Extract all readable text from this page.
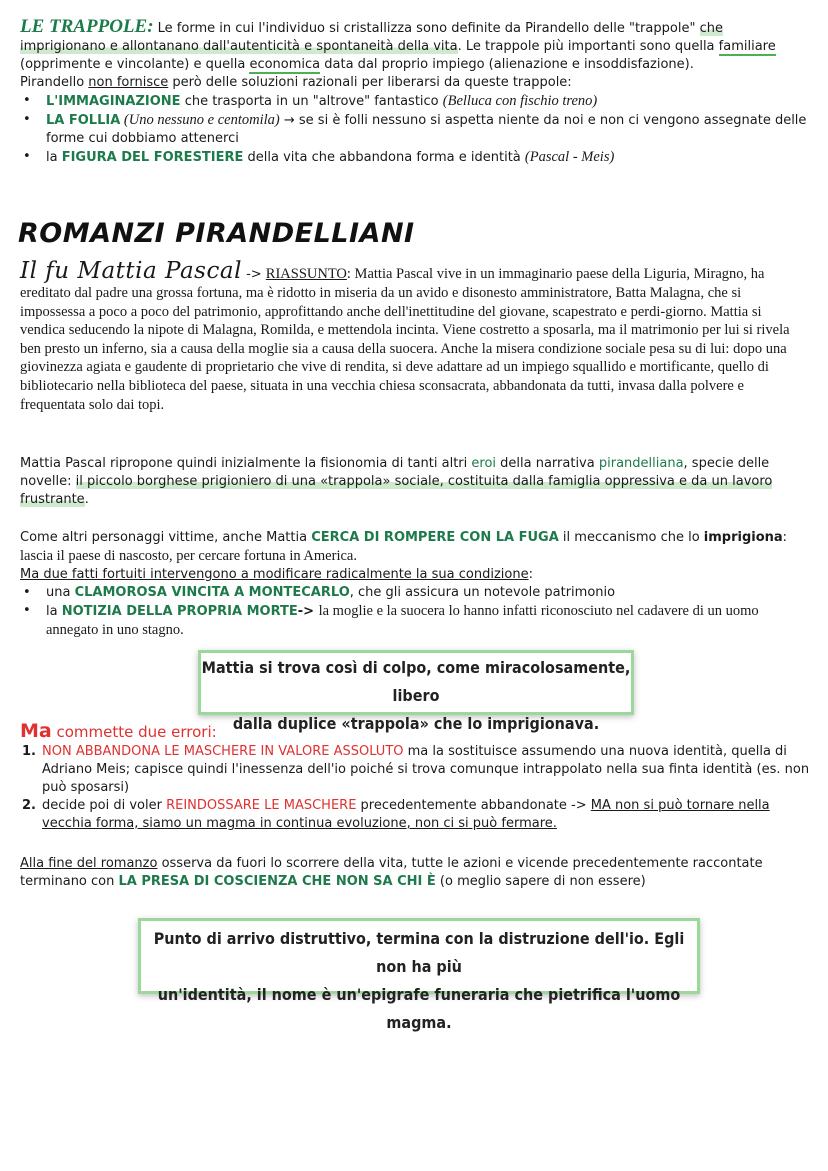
LE TRAPPOLE: Le forme in cui l'individuo si cristallizza sono definite da Pirandello delle "trappole" che imprigionano e allontanano dall'autenticità e spontaneità della vita. Le trappole più importanti sono quella familiare (opprimente e vincolante) e quella economica data dal proprio impiego (alienazione e insoddisfazione).
Pirandello non fornisce però delle soluzioni razionali per liberarsi da queste trappole:
• L'IMMAGINAZIONE che trasporta in un "altrove" fantastico (Belluca con fischio treno)
• LA FOLLIA (Uno nessuno e centomila) → se si è folli nessuno si aspetta niente da noi e non ci vengono assegnate delle forme cui dobbiamo attenerci
• la FIGURA DEL FORESTIERE della vita che abbandona forma e identità (Pascal - Meis)
ROMANZI PIRANDELLIANI
Il fu Mattia Pascal -> RIASSUNTO: Mattia Pascal vive in un immaginario paese della Liguria, Miragno, ha ereditato dal padre una grossa fortuna, ma è ridotto in miseria da un avido e disonesto amministratore, Batta Malagna, che si impossessa a poco a poco del patrimonio, approfittando anche dell'inettitudine del giovane, scapestrato e perdi-giorno. Mattia si vendica seducendo la nipote di Malagna, Romilda, e mettendola incinta. Viene costretto a sposarla, ma il matrimonio per lui si rivela ben presto un inferno, sia a causa della moglie sia a causa della suocera. Anche la misera condizione sociale pesa su di lui: dopo una giovinezza agiata e gaudente di proprietario che vive di rendita, si deve adattare ad un impiego squallido e mortificante, quello di bibliotecario nella biblioteca del paese, situata in una vecchia chiesa sconsacrata, abbandonata da tutti, invasa dalla polvere e frequentata solo dai topi.
Mattia Pascal ripropone quindi inizialmente la fisionomia di tanti altri eroi della narrativa pirandelliana, specie delle novelle: il piccolo borghese prigioniero di una «trappola» sociale, costituita dalla famiglia oppressiva e da un lavoro frustrante.
Come altri personaggi vittime, anche Mattia CERCA DI ROMPERE CON LA FUGA il meccanismo che lo imprigiona: lascia il paese di nascosto, per cercare fortuna in America.
Ma due fatti fortuiti intervengono a modificare radicalmente la sua condizione:
• una CLAMOROSA VINCITA A MONTECARLO, che gli assicura un notevole patrimonio
• la NOTIZIA DELLA PROPRIA MORTE-> la moglie e la suocera lo hanno infatti riconosciuto nel cadavere di un uomo annegato in uno stagno.
Mattia si trova così di colpo, come miracolosamente, libero
dalla duplice «trappola» che lo imprigionava.
Ma commette due errori:
1. NON ABBANDONA LE MASCHERE IN VALORE ASSOLUTO ma la sostituisce assumendo una nuova identità, quella di Adriano Meis; capisce quindi l'inessenza dell'io poiché si trova comunque intrappolato nella sua finta identità (es. non può sposarsi)
2. decide poi di voler REINDOSSARE LE MASCHERE precedentemente abbandonate -> MA non si può tornare nella vecchia forma, siamo un magma in continua evoluzione, non ci si può fermare.
Alla fine del romanzo osserva da fuori lo scorrere della vita, tutte le azioni e vicende precedentemente raccontate terminano con LA PRESA DI COSCIENZA CHE NON SA CHI È (o meglio sapere di non essere)
Punto di arrivo distruttivo, termina con la distruzione dell'io. Egli non ha più
un'identità, il nome è un'epigrafe funeraria che pietrifica l'uomo magma.
